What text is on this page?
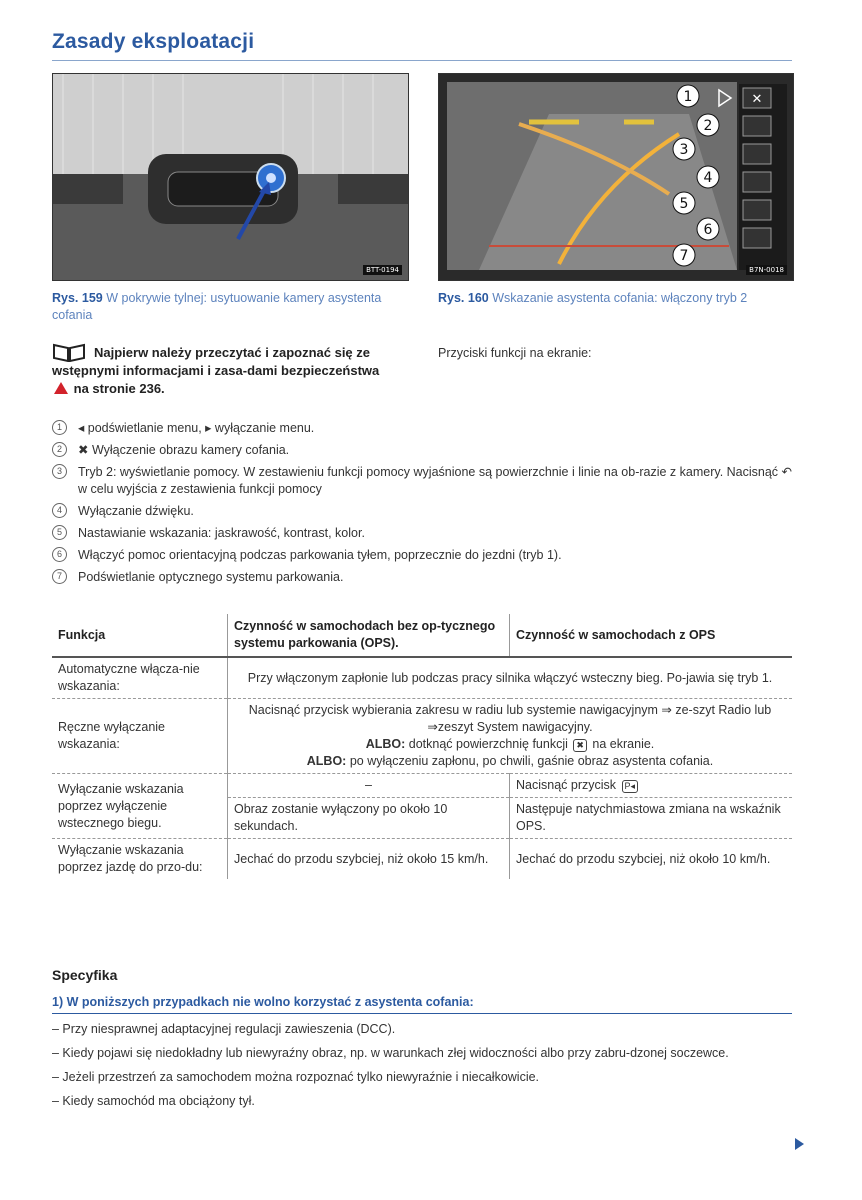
Zasady eksploatacji
BTT-0194
Rys. 159 W pokrywie tylnej: usytuowanie kamery asystenta cofania
✕
1
2
3
4
5
6
7
B7N-0018
Rys. 160 Wskazanie asystenta cofania: włączony tryb 2
Najpierw należy przeczytać i zapoznać się ze wstępnymi informacjami i zasa-dami bezpieczeństwa  na stronie 236.
Przyciski funkcji na ekranie:
1	◂ podświetlanie menu, ▸ wyłączanie menu.
2	✖ Wyłączenie obrazu kamery cofania.
3	Tryb 2: wyświetlanie pomocy. W zestawieniu funkcji pomocy wyjaśnione są powierzchnie i linie na ob-razie z kamery. Nacisnąć ↶ w celu wyjścia z zestawienia funkcji pomocy
4	Wyłączanie dźwięku.
5	Nastawianie wskazania: jaskrawość, kontrast, kolor.
6	Włączyć pomoc orientacyjną podczas parkowania tyłem, poprzecznie do jezdni (tryb 1).
7	Podświetlanie optycznego systemu parkowania.
Funkcja	Czynność w samochodach bez op-tycznego systemu parkowania (OPS).	Czynność w samochodach z OPS
Automatyczne włącza-nie wskazania:	Przy włączonym zapłonie lub podczas pracy silnika włączyć wsteczny bieg. Po-jawia się tryb 1.	
Ręczne wyłączanie wskazania:	Nacisnąć przycisk wybierania zakresu w radiu lub systemie nawigacyjnym ⇒ ze-szyt Radio lub ⇒zeszyt System nawigacyjny.
ALBO: dotknąć powierzchnię funkcji ✖ na ekranie.
ALBO: po wyłączeniu zapłonu, po chwili, gaśnie obraz asystenta cofania.	

Wyłączanie wskazania poprzez wyłączenie wstecznego biegu.	–	Nacisnąć przycisk P◂
	Obraz zostanie wyłączony po około 10 sekundach.	Następuje natychmiastowa zmiana na wskaźnik OPS.
Wyłączanie wskazania poprzez jazdę do przo-du:	Jechać do przodu szybciej, niż około 15 km/h.	Jechać do przodu szybciej, niż około 10 km/h.
Specyfika
1) W poniższych przypadkach nie wolno korzystać z asystenta cofania:
– Przy niesprawnej adaptacyjnej regulacji zawieszenia (DCC).
– Kiedy pojawi się niedokładny lub niewyraźny obraz, np. w warunkach złej widoczności albo przy zabru-dzonej soczewce.
– Jeżeli przestrzeń za samochodem można rozpoznać tylko niewyraźnie i niecałkowicie.
– Kiedy samochód ma obciążony tył.
